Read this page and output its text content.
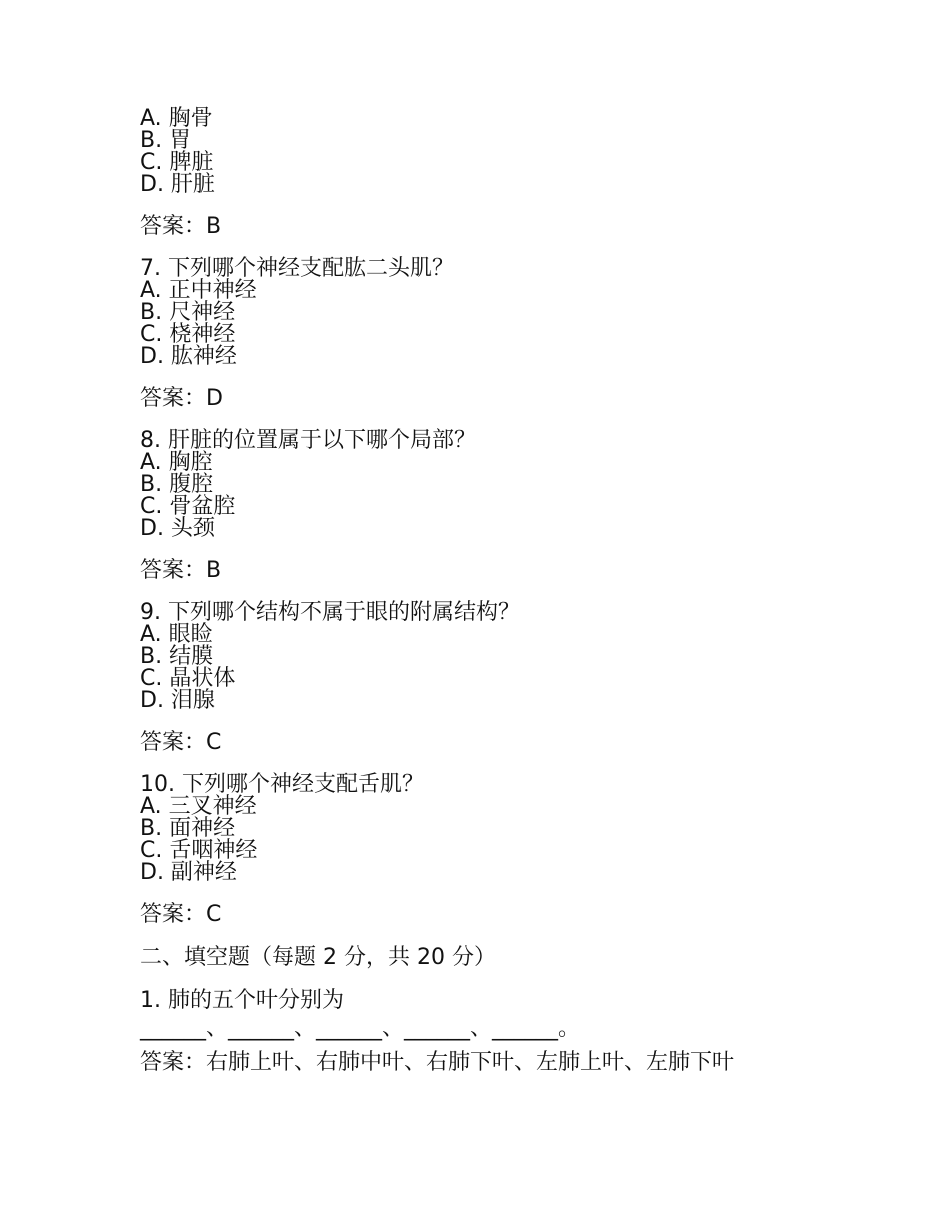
A. 胸骨
B. 胃
C. 脾脏
D. 肝脏
答案：B
7. 下列哪个神经支配肱二头肌？
A. 正中神经
B. 尺神经
C. 桡神经
D. 肱神经
答案：D
8. 肝脏的位置属于以下哪个局部？
A. 胸腔
B. 腹腔
C. 骨盆腔
D. 头颈
答案：B
9. 下列哪个结构不属于眼的附属结构？
A. 眼睑
B. 结膜
C. 晶状体
D. 泪腺
答案：C
10. 下列哪个神经支配舌肌？
A. 三叉神经
B. 面神经
C. 舌咽神经
D. 副神经
答案：C
二、填空题（每题 2 分，共 20 分）
1. 肺的五个叶分别为
______、______、______、______、______。
答案：右肺上叶、右肺中叶、右肺下叶、左肺上叶、左肺下叶
